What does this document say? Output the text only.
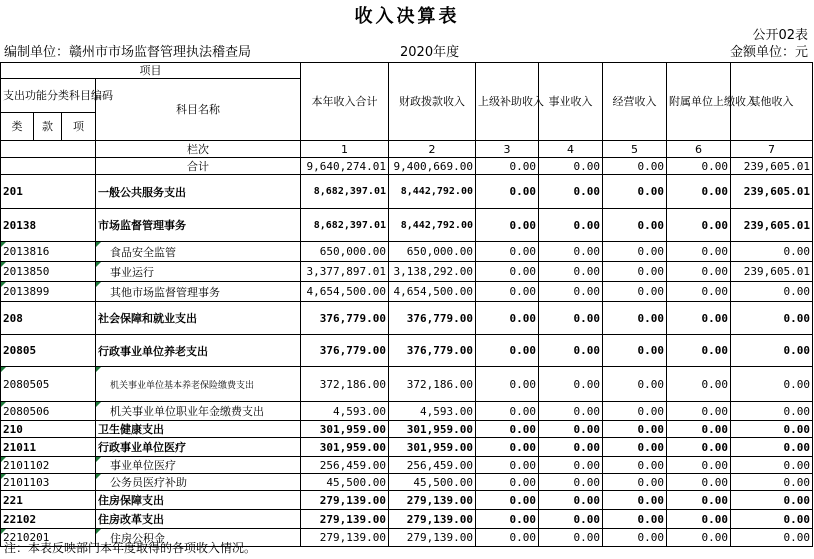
收入决算表
公开02表
编制单位：赣州市市场监督管理执法稽查局	2020年度	金额单位：元
项目				本年收入合计	财政拨款收入	上级补助收入	事业收入	经营收入	附属单位上缴收入	其他收入
支出功能分类科目编码			科目名称							
类	款	项								
			栏次	1	2	3	4	5	6	7
			合计	9,640,274.01	9,400,669.00	0.00	0.00	0.00	0.00	239,605.01
201			一般公共服务支出	8,682,397.01	8,442,792.00	0.00	0.00	0.00	0.00	239,605.01
20138			市场监督管理事务	8,682,397.01	8,442,792.00	0.00	0.00	0.00	0.00	239,605.01
2013816			食品安全监管	650,000.00	650,000.00	0.00	0.00	0.00	0.00	0.00
2013850			事业运行	3,377,897.01	3,138,292.00	0.00	0.00	0.00	0.00	239,605.01
2013899			其他市场监督管理事务	4,654,500.00	4,654,500.00	0.00	0.00	0.00	0.00	0.00
208			社会保障和就业支出	376,779.00	376,779.00	0.00	0.00	0.00	0.00	0.00
20805			行政事业单位养老支出	376,779.00	376,779.00	0.00	0.00	0.00	0.00	0.00
2080505			机关事业单位基本养老保险缴费支出	372,186.00	372,186.00	0.00	0.00	0.00	0.00	0.00
2080506			机关事业单位职业年金缴费支出	4,593.00	4,593.00	0.00	0.00	0.00	0.00	0.00
210			卫生健康支出	301,959.00	301,959.00	0.00	0.00	0.00	0.00	0.00
21011			行政事业单位医疗	301,959.00	301,959.00	0.00	0.00	0.00	0.00	0.00
2101102			事业单位医疗	256,459.00	256,459.00	0.00	0.00	0.00	0.00	0.00
2101103			公务员医疗补助	45,500.00	45,500.00	0.00	0.00	0.00	0.00	0.00
221			住房保障支出	279,139.00	279,139.00	0.00	0.00	0.00	0.00	0.00
22102			住房改革支出	279,139.00	279,139.00	0.00	0.00	0.00	0.00	0.00
2210201			住房公积金	279,139.00	279,139.00	0.00	0.00	0.00	0.00	0.00
注：本表反映部门本年度取得的各项收入情况。
